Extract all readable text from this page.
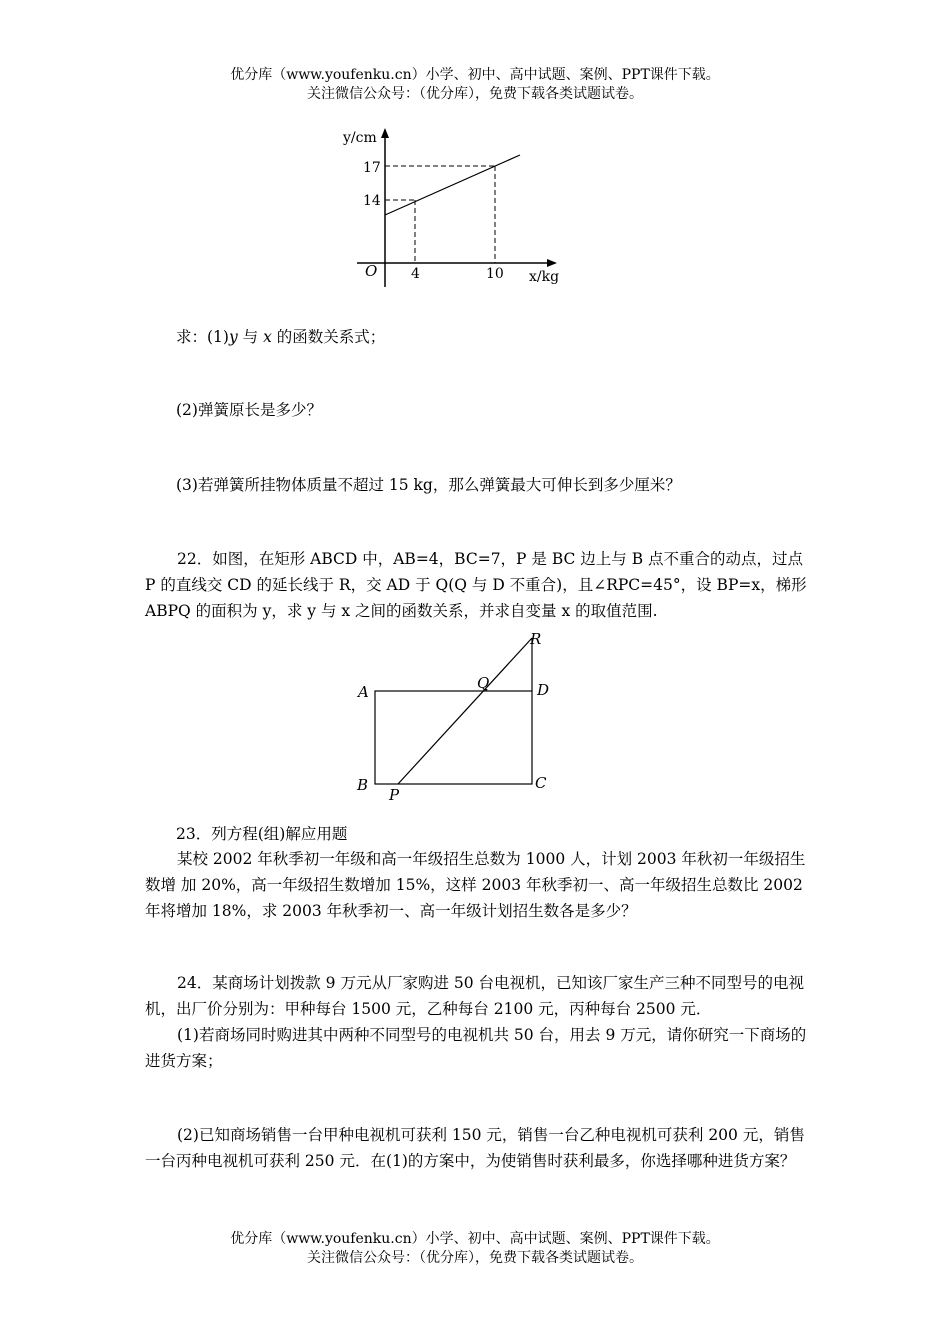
优分库（www.youfenku.cn）小学、初中、高中试题、案例、PPT课件下载。
关注微信公众号：（优分库），免费下载各类试题试卷。
y/cm
17
14
O 4	10 x/kg
求：(1)y 与 x 的函数关系式；
(2)弹簧原长是多少？
(3)若弹簧所挂物体质量不超过 15 kg，那么弹簧最大可伸长到多少厘米？
22．如图，在矩形 ABCD 中，AB=4，BC=7，P 是 BC 边上与 B 点不重合的动点，过点 P 的直线交 CD 的延长线于 R，交 AD 于 Q(Q 与 D 不重合)，且∠RPC=45°，设 BP=x，梯形 ABPQ 的面积为 y，求 y 与 x 之间的函数关系，并求自变量 x 的取值范围.
A
B	C
D
P
Q
R
23．列方程(组)解应用题
某校 2002 年秋季初一年级和高一年级招生总数为 1000 人，计划 2003 年秋初一年级招生数增 加 20%，高一年级招生数增加 15%，这样 2003 年秋季初一、高一年级招生总数比 2002 年将增加 18%，求 2003 年秋季初一、高一年级计划招生数各是多少？
24．某商场计划拨款 9 万元从厂家购进 50 台电视机，已知该厂家生产三种不同型号的电视机，出厂价分别为：甲种每台 1500 元，乙种每台 2100 元，丙种每台 2500 元．
(1)若商场同时购进其中两种不同型号的电视机共 50 台，用去 9 万元，请你研究一下商场的进货方案；
(2)已知商场销售一台甲种电视机可获利 150 元，销售一台乙种电视机可获利 200 元，销售一台丙种电视机可获利 250 元．在(1)的方案中，为使销售时获利最多，你选择哪种进货方案？
优分库（www.youfenku.cn）小学、初中、高中试题、案例、PPT课件下载。
关注微信公众号：（优分库），免费下载各类试题试卷。
